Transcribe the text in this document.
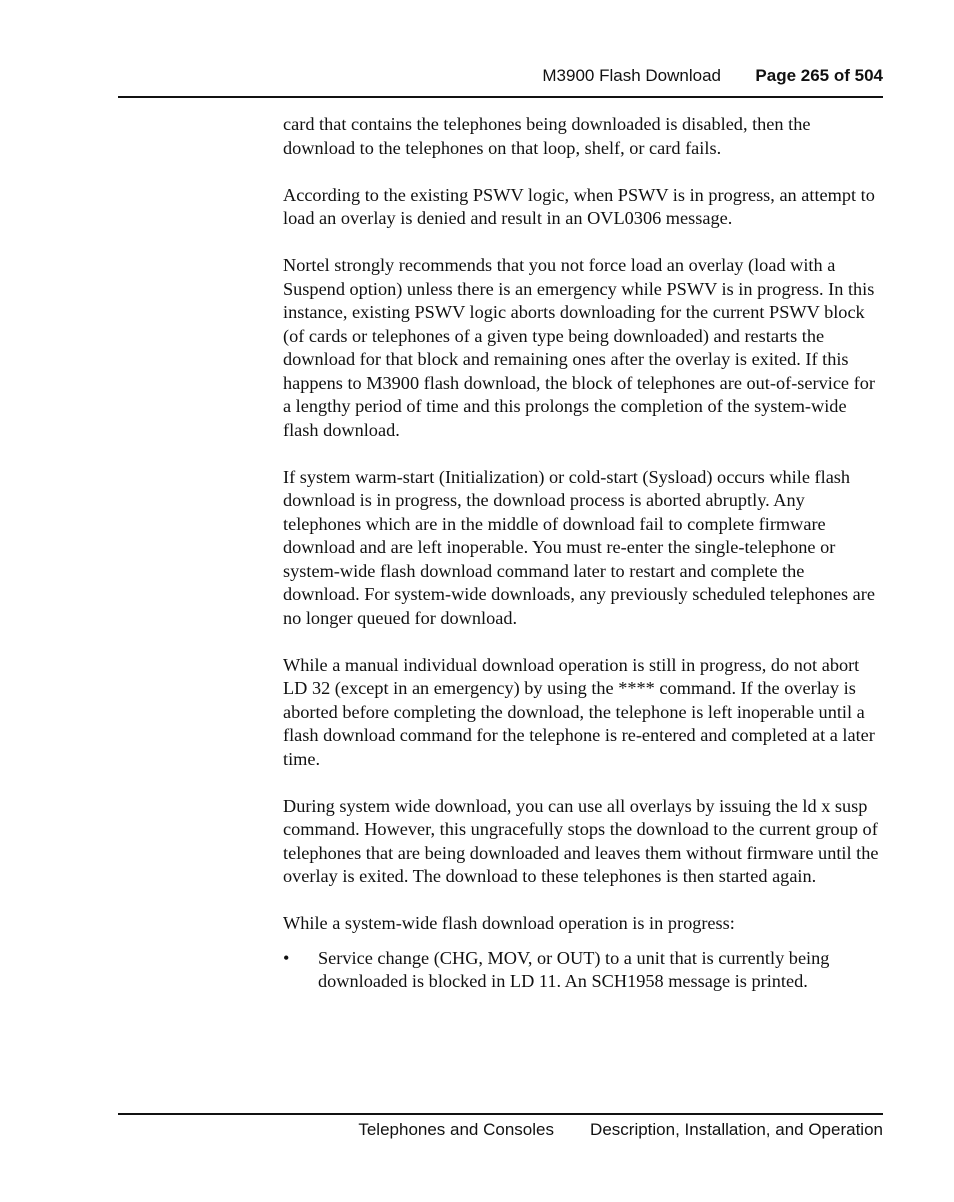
M3900 Flash Download Page 265 of 504

card that contains the telephones being downloaded is disabled, then the download to the telephones on that loop, shelf, or card fails.

According to the existing PSWV logic, when PSWV is in progress, an attempt to load an overlay is denied and result in an OVL0306 message.

Nortel strongly recommends that you not force load an overlay (load with a Suspend option) unless there is an emergency while PSWV is in progress. In this instance, existing PSWV logic aborts downloading for the current PSWV block (of cards or telephones of a given type being downloaded) and restarts the download for that block and remaining ones after the overlay is exited. If this happens to M3900 flash download, the block of telephones are out-of-service for a lengthy period of time and this prolongs the completion of the system-wide flash download.

If system warm-start (Initialization) or cold-start (Sysload) occurs while flash download is in progress, the download process is aborted abruptly. Any telephones which are in the middle of download fail to complete firmware download and are left inoperable. You must re-enter the single-telephone or system-wide flash download command later to restart and complete the download. For system-wide downloads, any previously scheduled telephones are no longer queued for download.

While a manual individual download operation is still in progress, do not abort LD 32 (except in an emergency) by using the **** command. If the overlay is aborted before completing the download, the telephone is left inoperable until a flash download command for the telephone is re-entered and completed at a later time.

During system wide download, you can use all overlays by issuing the ld x susp command. However, this ungracefully stops the download to the current group of telephones that are being downloaded and leaves them without firmware until the overlay is exited. The download to these telephones is then started again.

While a system-wide flash download operation is in progress:

• Service change (CHG, MOV, or OUT) to a unit that is currently being downloaded is blocked in LD 11. An SCH1958 message is printed.
Telephones and Consoles Description, Installation, and Operation
